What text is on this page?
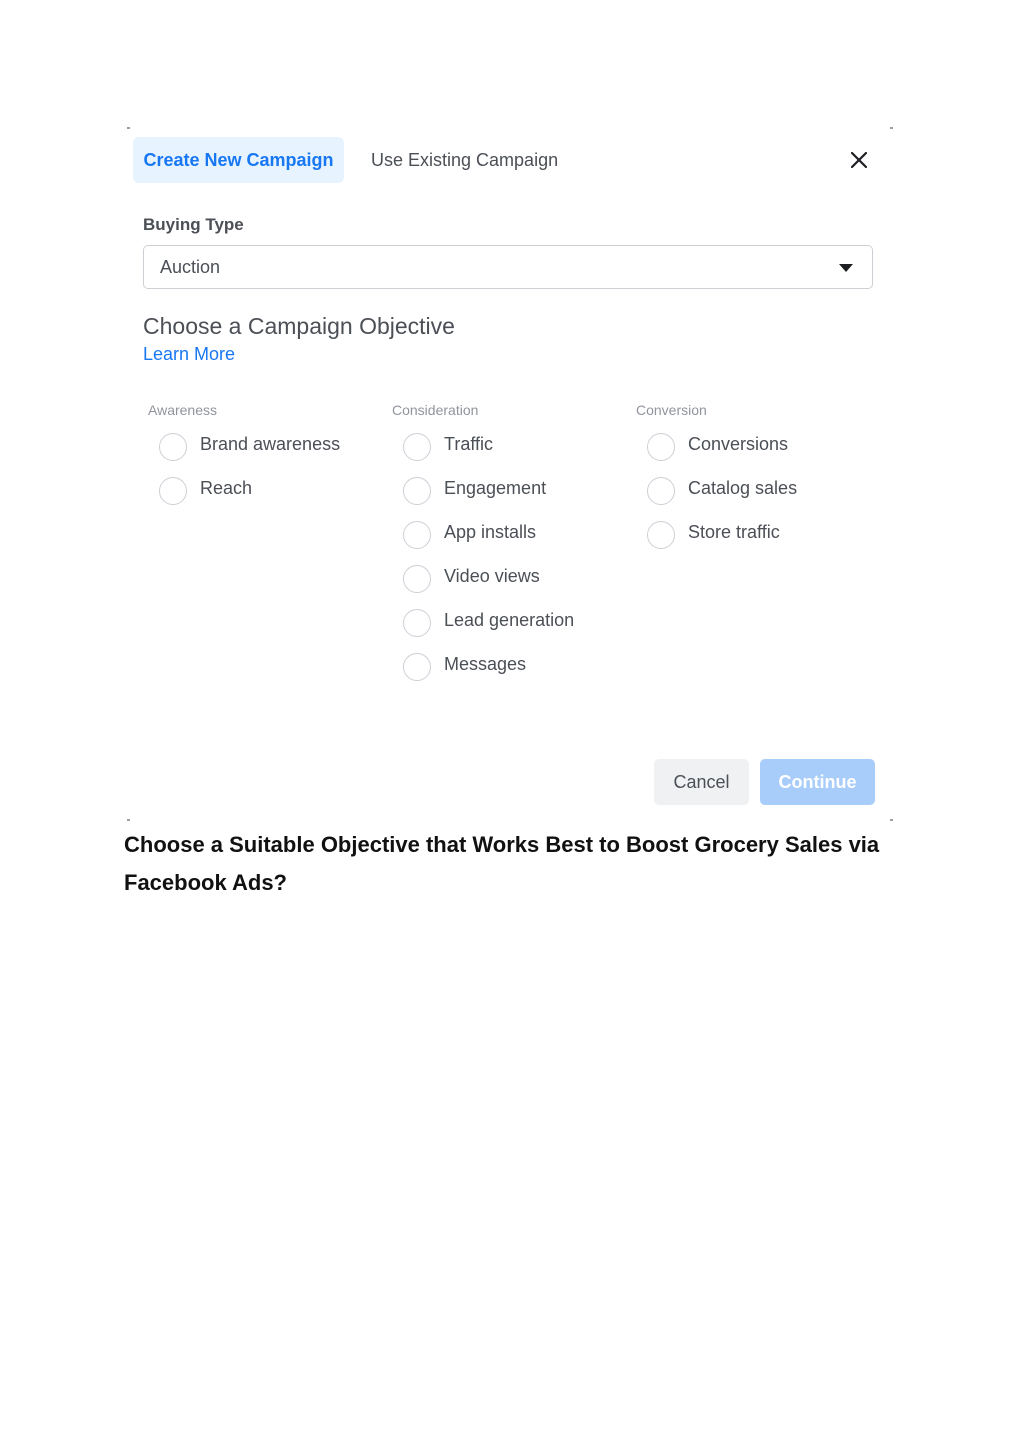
Create New Campaign	Use Existing Campaign
Buying Type
Auction
Choose a Campaign Objective
Learn More
Awareness
Brand awareness
Reach
Consideration
Traffic
Engagement
App installs
Video views
Lead generation
Messages
Conversion
Conversions
Catalog sales
Store traffic
Cancel	Continue
Choose a Suitable Objective that Works Best to Boost Grocery Sales via Facebook Ads?
